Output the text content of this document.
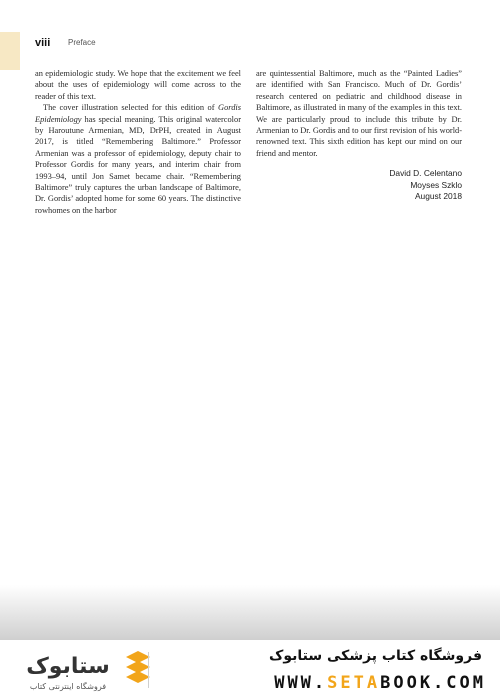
viii Preface

an epidemiologic study. We hope that the excitement we feel about the uses of epidemiology will come across to the reader of this text.

The cover illustration selected for this edition of Gordis Epidemiology has special meaning. This original watercolor by Haroutune Armenian, MD, DrPH, created in August 2017, is titled “Remembering Baltimore.” Professor Armenian was a professor of epidemiology, deputy chair to Professor Gordis for many years, and interim chair from 1993–94, until Jon Samet became chair. “Remembering Baltimore” truly captures the urban landscape of Baltimore, Dr. Gordis’ adopted home for some 60 years. The distinctive rowhomes on the harbor

are quintessential Baltimore, much as the “Painted Ladies” are identified with San Francisco. Much of Dr. Gordis’ research centered on pediatric and childhood disease in Baltimore, as illustrated in many of the examples in this text. We are particularly proud to include this tribute by Dr. Armenian to Dr. Gordis and to our first revision of his world-renowned text. This sixth edition has kept our mind on our friend and mentor.

David D. Celentano
Moyses Szklo
August 2018
ستابوک
فروشگاه اینترنتی کتاب
فروشگاه کتاب پزشکی ستابوک
WWW.SETABOOK.COM
